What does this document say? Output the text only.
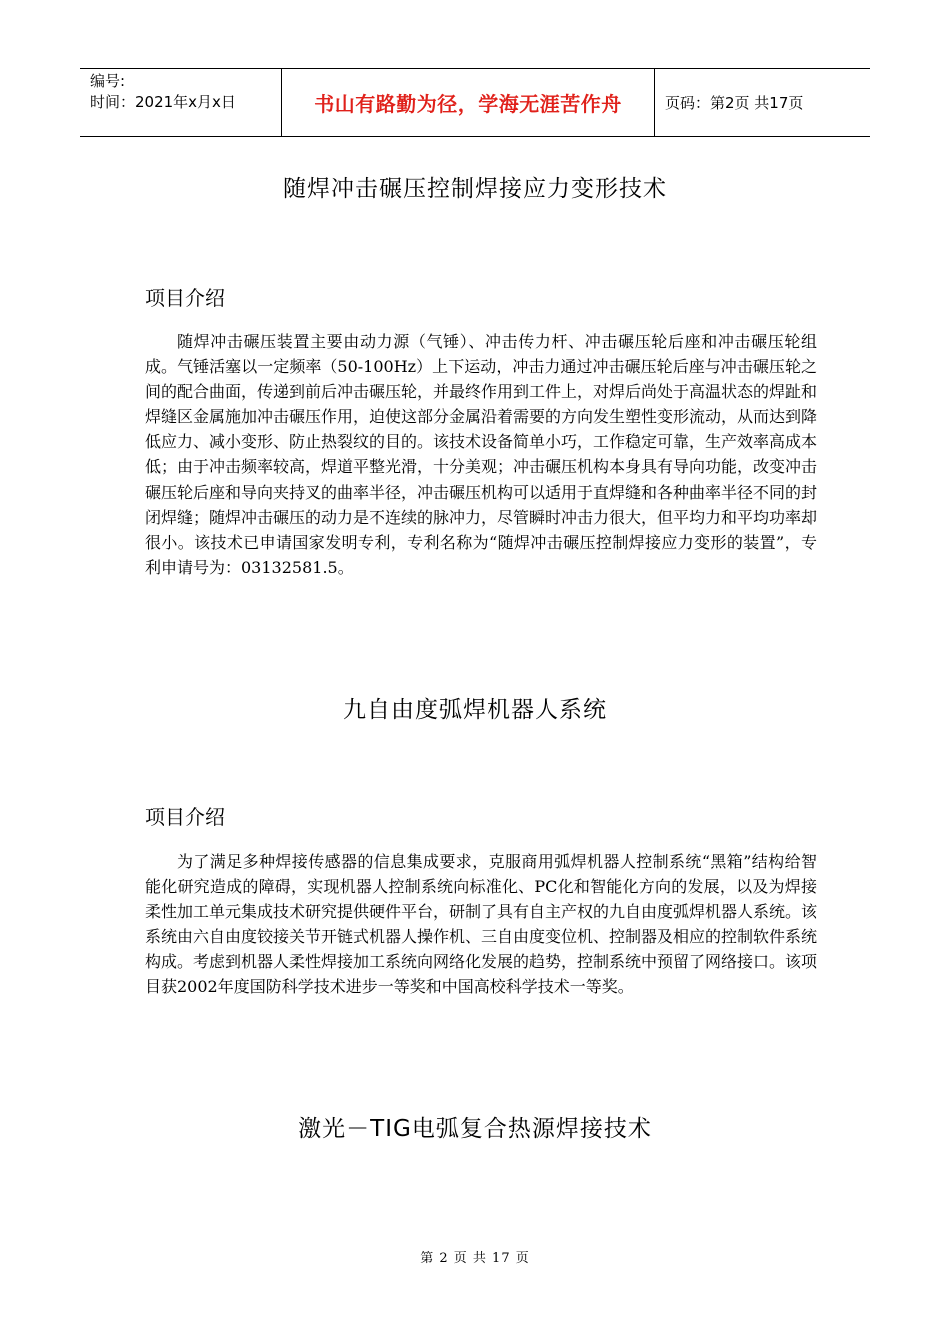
编号:
时间：2021年x月x日	书山有路勤为径，学海无涯苦作舟	页码：第2页 共17页
随焊冲击碾压控制焊接应力变形技术
项目介绍

随焊冲击碾压装置主要由动力源（气锤）、冲击传力杆、冲击碾压轮后座和冲击碾压轮组成。气锤活塞以一定频率（50-100Hz）上下运动，冲击力通过冲击碾压轮后座与冲击碾压轮之间的配合曲面，传递到前后冲击碾压轮，并最终作用到工件上，对焊后尚处于高温状态的焊趾和焊缝区金属施加冲击碾压作用，迫使这部分金属沿着需要的方向发生塑性变形流动，从而达到降低应力、减小变形、防止热裂纹的目的。该技术设备简单小巧，工作稳定可靠，生产效率高成本低；由于冲击频率较高，焊道平整光滑，十分美观；冲击碾压机构本身具有导向功能，改变冲击碾压轮后座和导向夹持叉的曲率半径，冲击碾压机构可以适用于直焊缝和各种曲率半径不同的封闭焊缝；随焊冲击碾压的动力是不连续的脉冲力，尽管瞬时冲击力很大，但平均力和平均功率却很小。该技术已申请国家发明专利，专利名称为“随焊冲击碾压控制焊接应力变形的装置”，专利申请号为：03132581.5。

九自由度弧焊机器人系统
项目介绍

为了满足多种焊接传感器的信息集成要求，克服商用弧焊机器人控制系统“黑箱”结构给智能化研究造成的障碍，实现机器人控制系统向标准化、PC化和智能化方向的发展，以及为焊接柔性加工单元集成技术研究提供硬件平台，研制了具有自主产权的九自由度弧焊机器人系统。该系统由六自由度铰接关节开链式机器人操作机、三自由度变位机、控制器及相应的控制软件系统构成。考虑到机器人柔性焊接加工系统向网络化发展的趋势，控制系统中预留了网络接口。该项目获2002年度国防科学技术进步一等奖和中国高校科学技术一等奖。

激光－TIG电弧复合热源焊接技术
第 2 页 共 17 页
